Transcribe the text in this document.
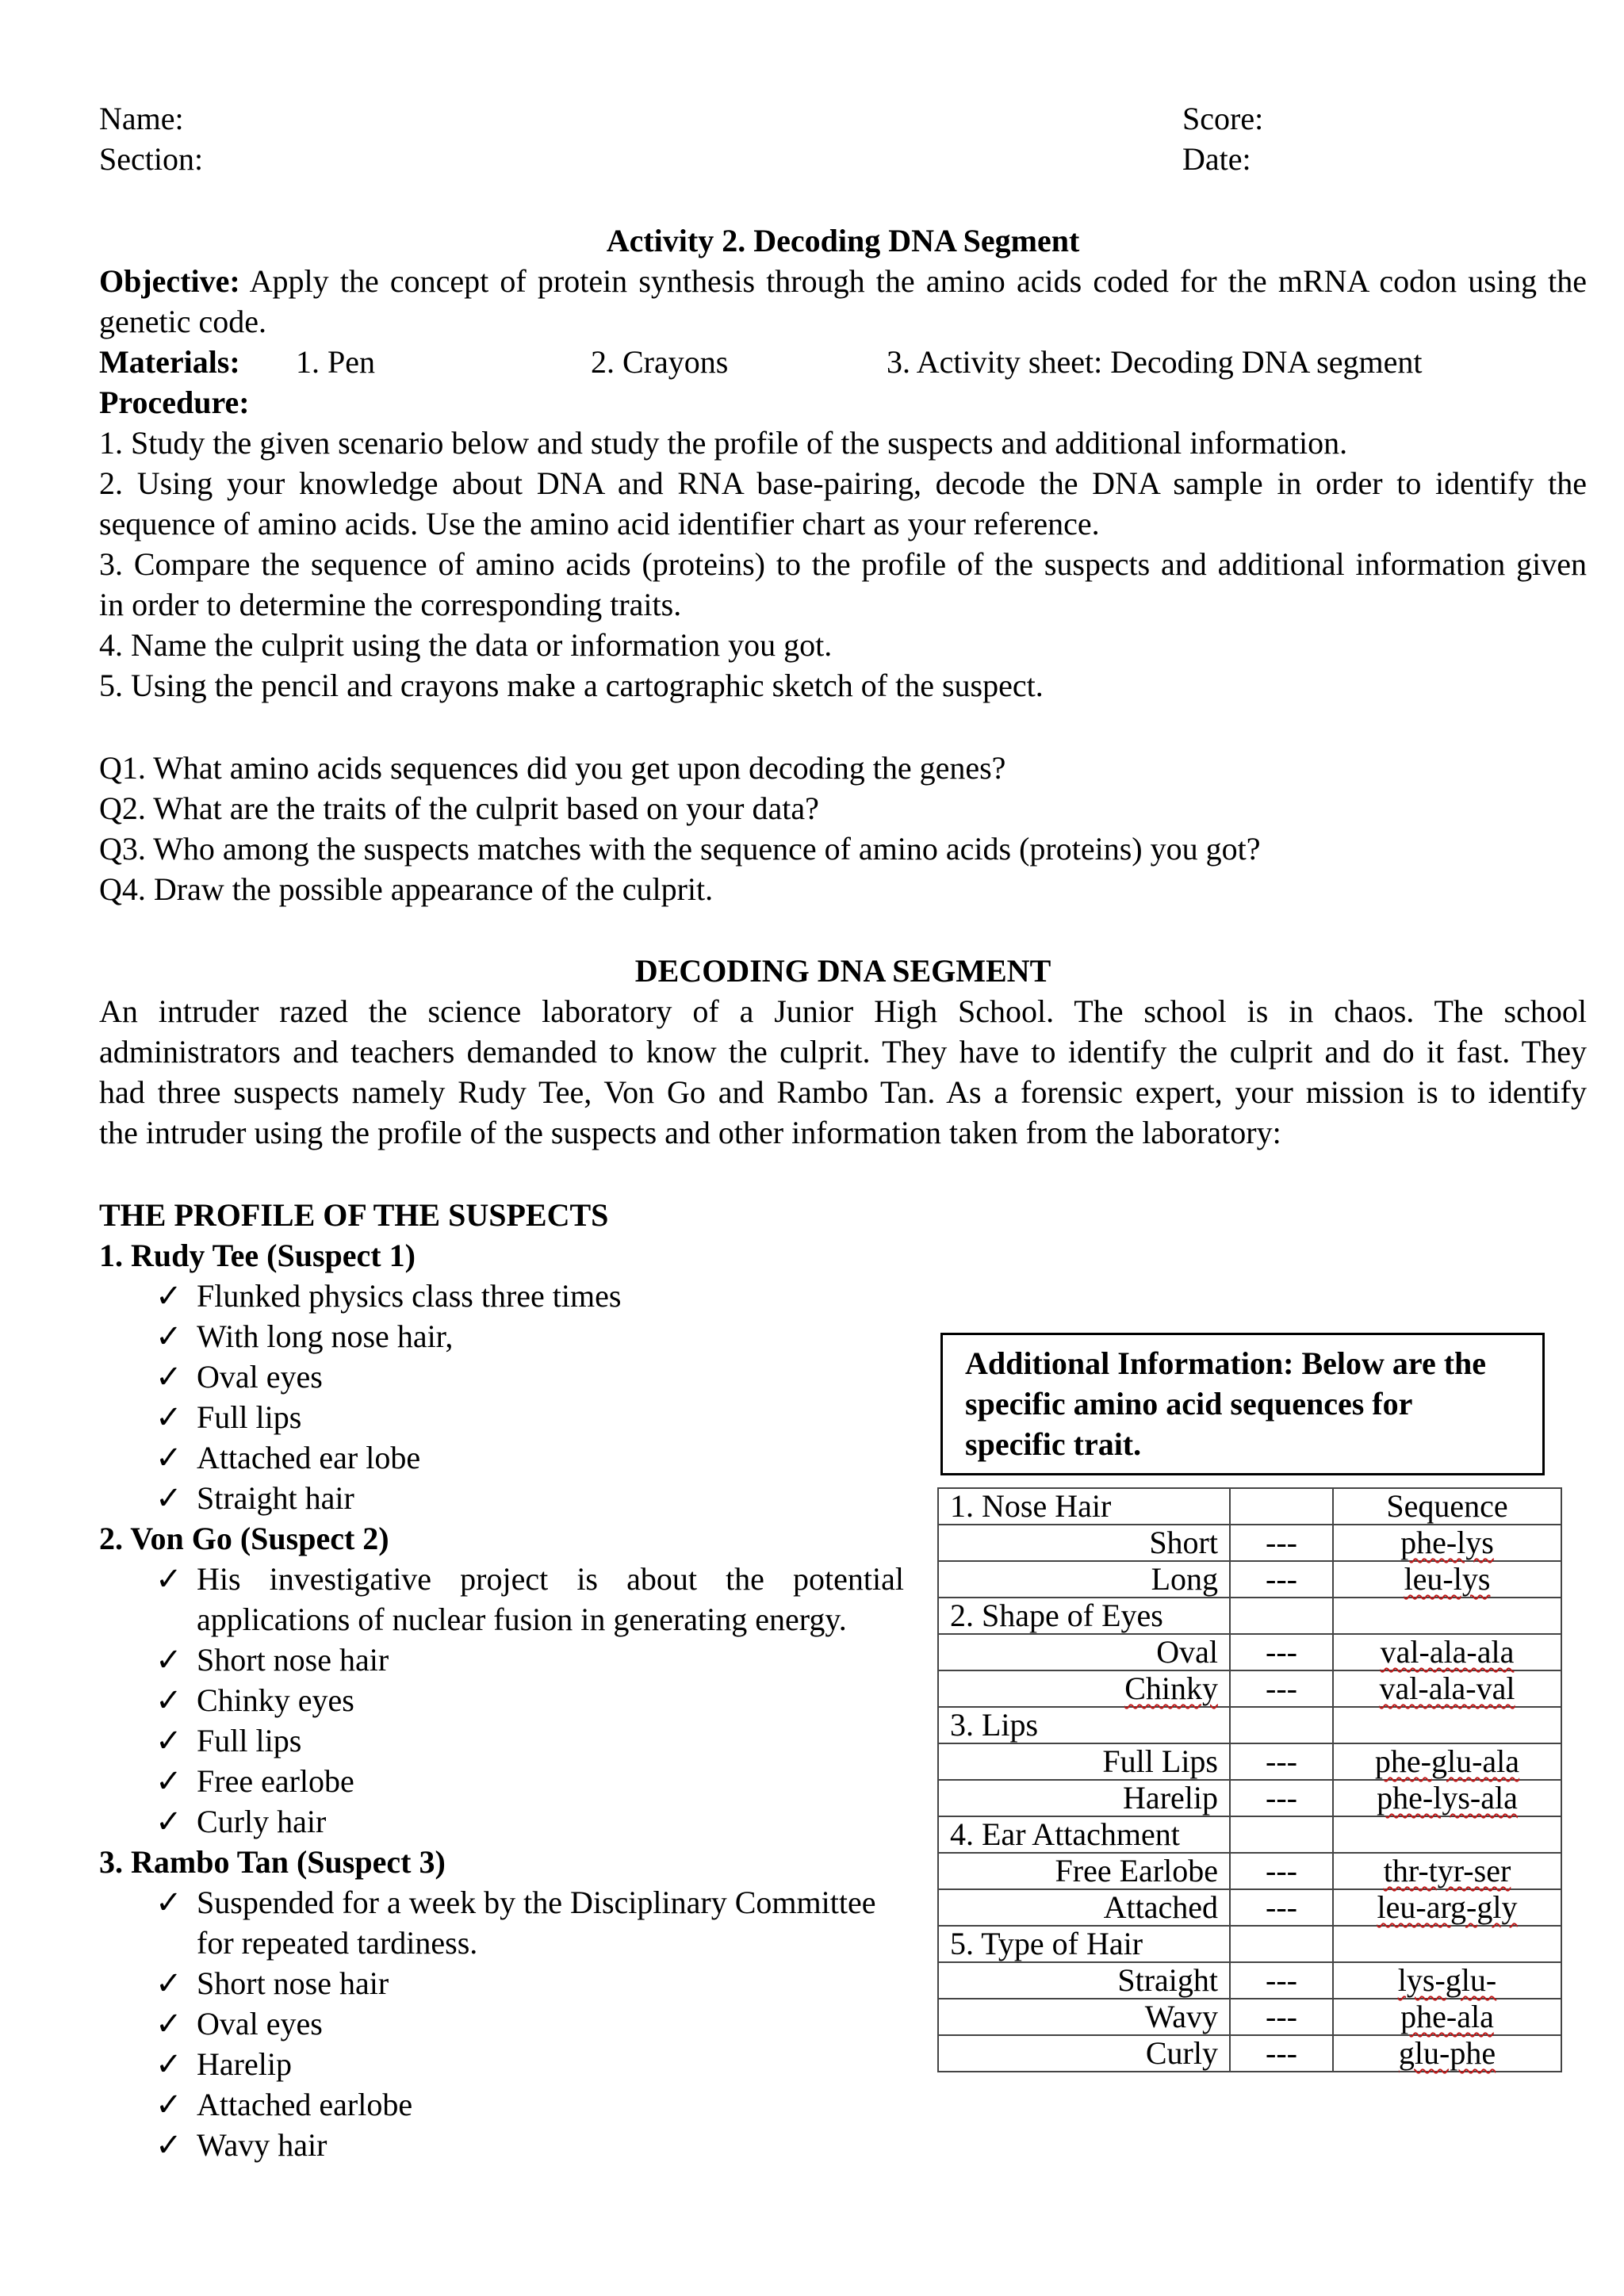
Name:
Section:
Score:
Date:
Activity 2. Decoding DNA Segment
Objective: Apply the concept of protein synthesis through the amino acids coded for the mRNA codon using the
genetic code.
Materials: 1. Pen	2. Crayons	3. Activity sheet: Decoding DNA segment
Procedure:
1. Study the given scenario below and study the profile of the suspects and additional information.
2. Using your knowledge about DNA and RNA base-pairing, decode the DNA sample in order to identify the
sequence of amino acids. Use the amino acid identifier chart as your reference.
3. Compare the sequence of amino acids (proteins) to the profile of the suspects and additional information given
in order to determine the corresponding traits.
4. Name the culprit using the data or information you got.
5. Using the pencil and crayons make a cartographic sketch of the suspect.
Q1. What amino acids sequences did you get upon decoding the genes?
Q2. What are the traits of the culprit based on your data?
Q3. Who among the suspects matches with the sequence of amino acids (proteins) you got?
Q4. Draw the possible appearance of the culprit.
DECODING DNA SEGMENT
An intruder razed the science laboratory of a Junior High School. The school is in chaos. The school
administrators and teachers demanded to know the culprit. They have to identify the culprit and do it fast. They
had three suspects namely Rudy Tee, Von Go and Rambo Tan. As a forensic expert, your mission is to identify
the intruder using the profile of the suspects and other information taken from the laboratory:
THE PROFILE OF THE SUSPECTS
1. Rudy Tee (Suspect 1)
✓ Flunked physics class three times
✓ With long nose hair,
✓ Oval eyes
✓ Full lips
✓ Attached ear lobe
✓ Straight hair
2. Von Go (Suspect 2)
✓ His investigative project is about the potential
applications of nuclear fusion in generating energy.
✓ Short nose hair
✓ Chinky eyes
✓ Full lips
✓ Free earlobe
✓ Curly hair
3. Rambo Tan (Suspect 3)
✓ Suspended for a week by the Disciplinary Committee
for repeated tardiness.
✓ Short nose hair
✓ Oval eyes
✓ Harelip
✓ Attached earlobe
✓ Wavy hair
Additional Information: Below are the
specific amino acid sequences for
specific trait.
1. Nose Hair		Sequence
Short	---	phe-lys
Long	---	leu-lys
2. Shape of Eyes		
Oval	---	val-ala-ala
Chinky	---	val-ala-val
3. Lips		
Full Lips	---	phe-glu-ala
Harelip	---	phe-lys-ala
4. Ear Attachment		
Free Earlobe	---	thr-tyr-ser
Attached	---	leu-arg-gly
5. Type of Hair		
Straight	---	lys-glu-
Wavy	---	phe-ala
Curly	---	glu-phe
